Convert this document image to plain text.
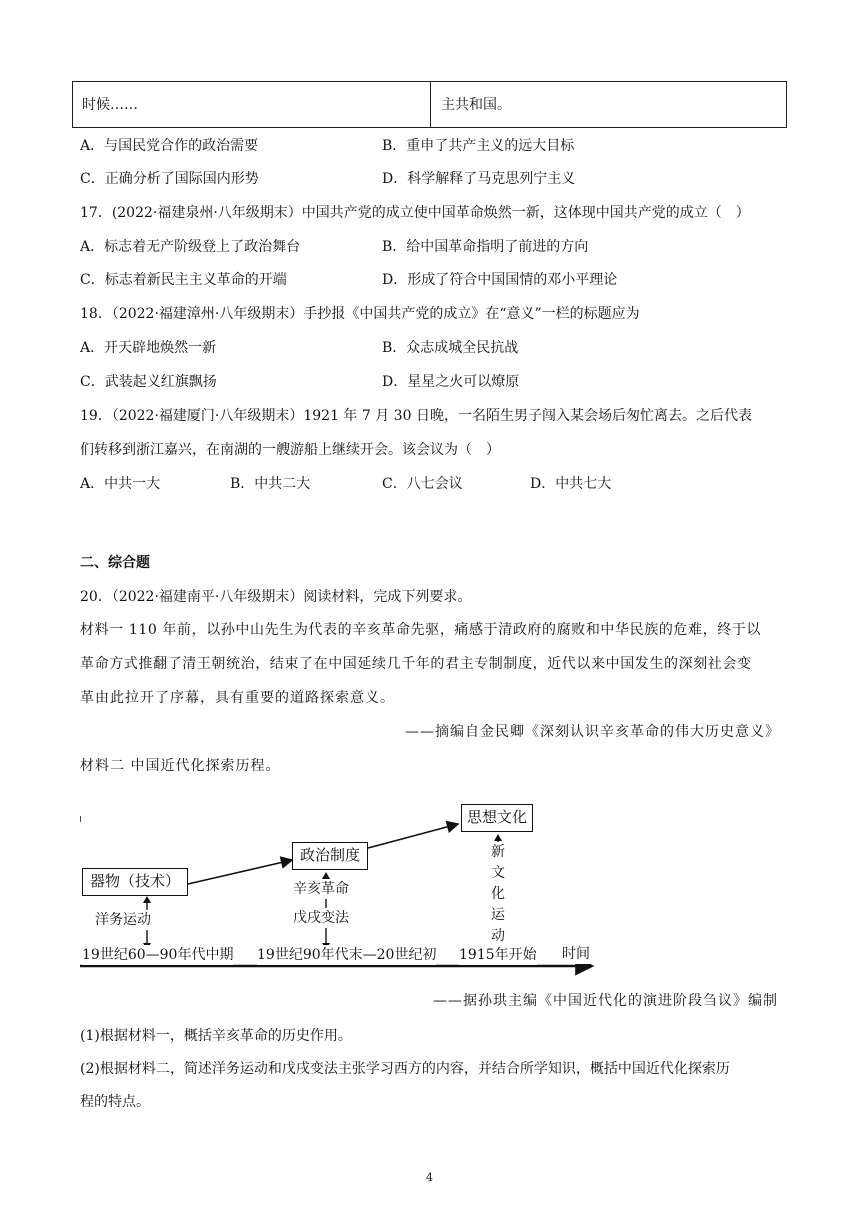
时候……	主共和国。
A．与国民党合作的政治需要	B．重申了共产主义的远大目标
C．正确分析了国际国内形势	D．科学解释了马克思列宁主义
17．(2022·福建泉州·八年级期末）中国共产党的成立使中国革命焕然一新，这体现中国共产党的成立（　）
A．标志着无产阶级登上了政治舞台	B．给中国革命指明了前进的方向
C．标志着新民主主义革命的开端	D．形成了符合中国国情的邓小平理论
18．（2022·福建漳州·八年级期末）手抄报《中国共产党的成立》在“意义”一栏的标题应为
A．开天辟地焕然一新	B．众志成城全民抗战
C．武装起义红旗飘扬	D．星星之火可以燎原
19．（2022·福建厦门·八年级期末）1921 年 7 月 30 日晚，一名陌生男子闯入某会场后匆忙离去。之后代表
们转移到浙江嘉兴，在南湖的一艘游船上继续开会。该会议为（　）
A．中共一大	B．中共二大	C．八七会议	D．中共七大
二、综合题
20．（2022·福建南平·八年级期末）阅读材料，完成下列要求。
材料一 110 年前，以孙中山先生为代表的辛亥革命先驱，痛感于清政府的腐败和中华民族的危难，终于以
革命方式推翻了清王朝统治，结束了在中国延续几千年的君主专制制度，近代以来中国发生的深刻社会变
革由此拉开了序幕，具有重要的道路探索意义。
——摘编自金民卿《深刻认识辛亥革命的伟大历史意义》
材料二 中国近代化探索历程。
器物（技术）
政治制度
思想文化
洋务运动
辛亥革命
戊戌变法
新
文
化
运
动
19世纪60—90年代中期 19世纪90年代末—20世纪初 1915年开始 时间
——据孙珙主编《中国近代化的演进阶段刍议》编制
(1)根据材料一，概括辛亥革命的历史作用。
(2)根据材料二，简述洋务运动和戊戌变法主张学习西方的内容，并结合所学知识，概括中国近代化探索历
程的特点。
4
